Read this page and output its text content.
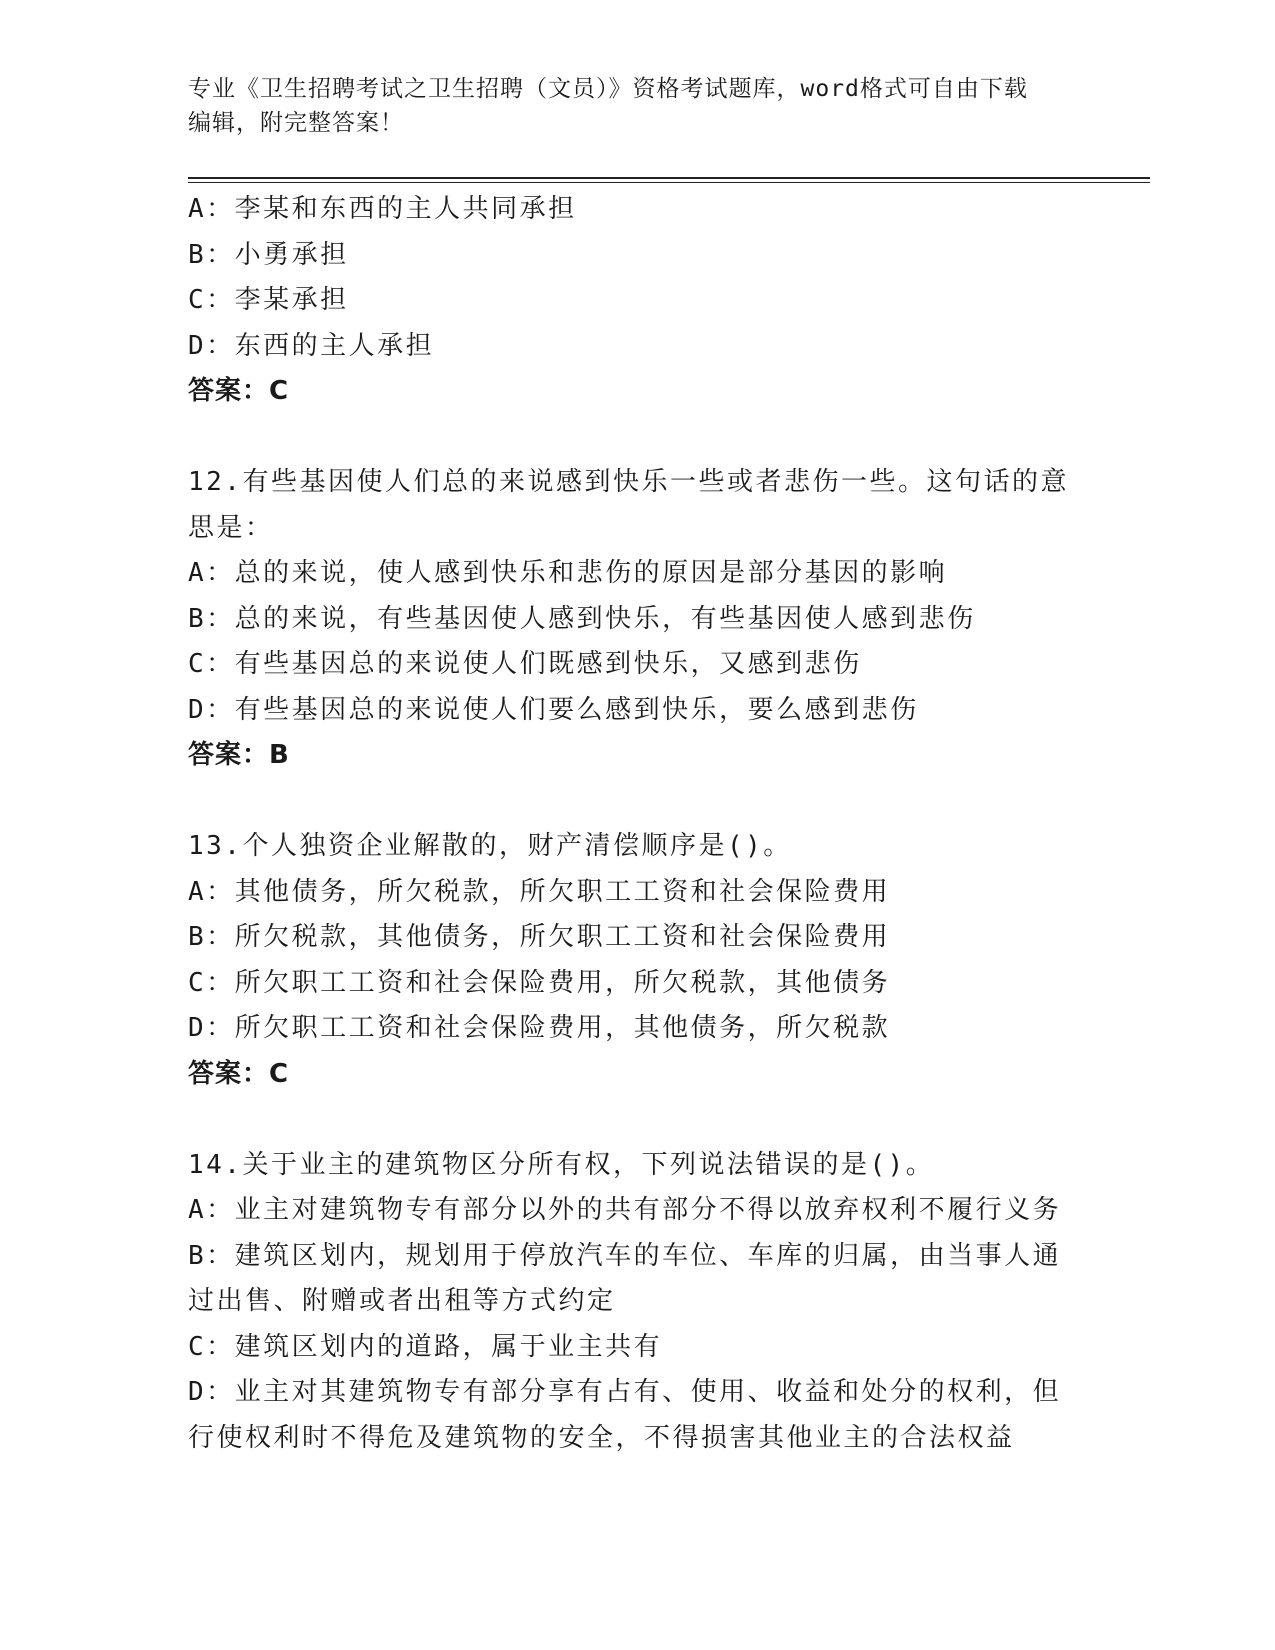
专业《卫生招聘考试之卫生招聘（文员）》资格考试题库，word格式可自由下载
编辑，附完整答案！
A：李某和东西的主人共同承担
B：小勇承担
C：李某承担
D：东西的主人承担
答案：C
12.有些基因使人们总的来说感到快乐一些或者悲伤一些。这句话的意
思是：
A：总的来说，使人感到快乐和悲伤的原因是部分基因的影响
B：总的来说，有些基因使人感到快乐，有些基因使人感到悲伤
C：有些基因总的来说使人们既感到快乐，又感到悲伤
D：有些基因总的来说使人们要么感到快乐，要么感到悲伤
答案：B
13.个人独资企业解散的，财产清偿顺序是()。
A：其他债务，所欠税款，所欠职工工资和社会保险费用
B：所欠税款，其他债务，所欠职工工资和社会保险费用
C：所欠职工工资和社会保险费用，所欠税款，其他债务
D：所欠职工工资和社会保险费用，其他债务，所欠税款
答案：C
14.关于业主的建筑物区分所有权，下列说法错误的是()。
A：业主对建筑物专有部分以外的共有部分不得以放弃权利不履行义务
B：建筑区划内，规划用于停放汽车的车位、车库的归属，由当事人通
过出售、附赠或者出租等方式约定
C：建筑区划内的道路，属于业主共有
D：业主对其建筑物专有部分享有占有、使用、收益和处分的权利，但
行使权利时不得危及建筑物的安全，不得损害其他业主的合法权益
